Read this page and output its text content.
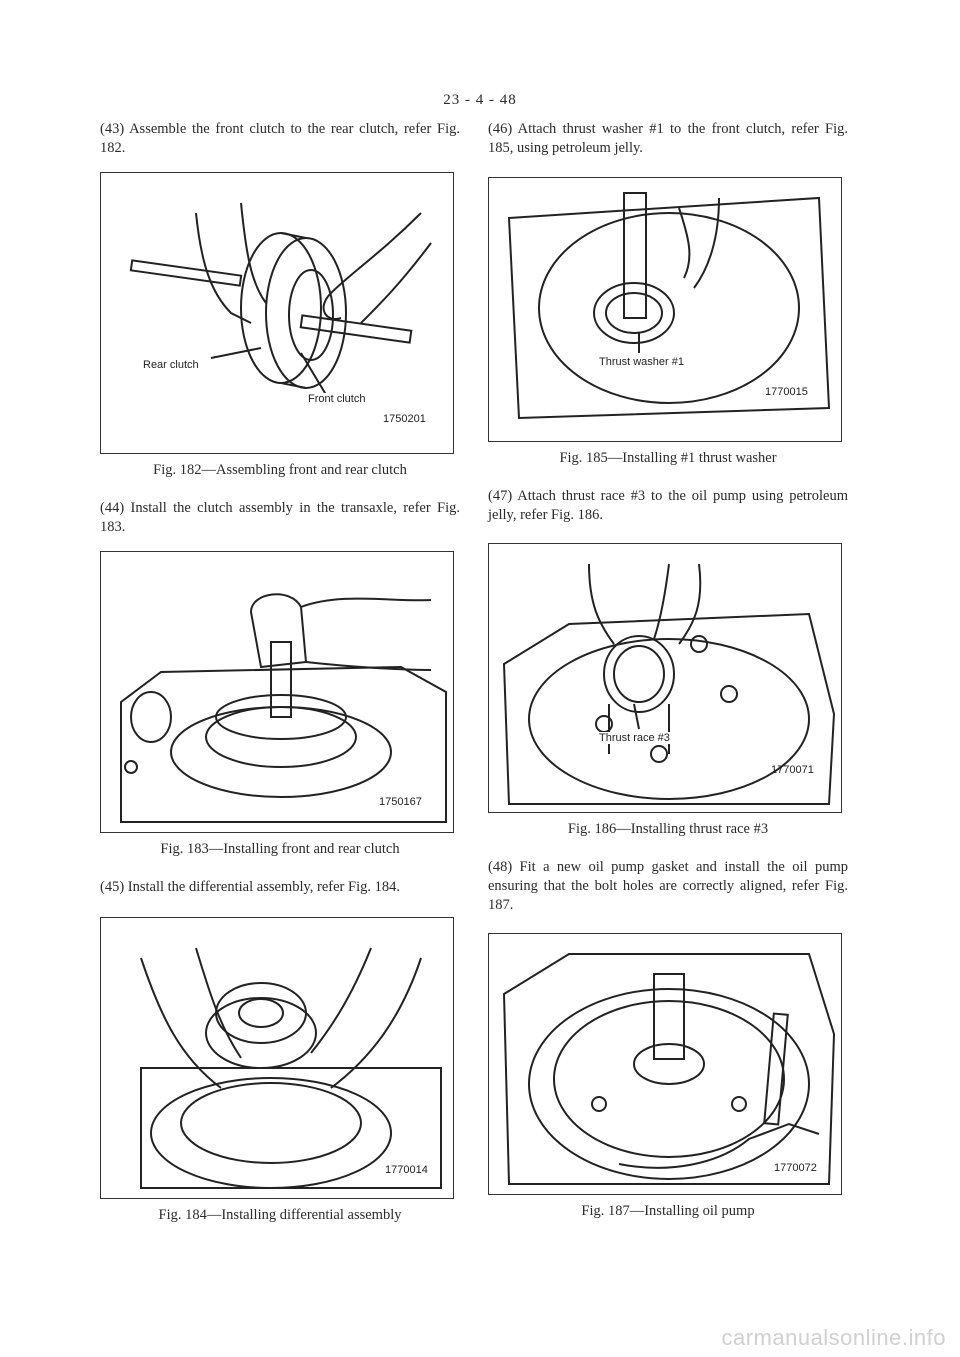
23 - 4 - 48

(43) Assemble the front clutch to the rear clutch, refer Fig. 182.

Rear clutch
Front clutch
1750201

Fig. 182—Assembling front and rear clutch

(44) Install the clutch assembly in the transaxle, refer Fig. 183.

1750167

Fig. 183—Installing front and rear clutch

(45) Install the differential assembly, refer Fig. 184.

1770014

Fig. 184—Installing differential assembly

(46) Attach thrust washer #1 to the front clutch, refer Fig. 185, using petroleum jelly.

Thrust washer #1
1770015

Fig. 185—Installing #1 thrust washer

(47) Attach thrust race #3 to the oil pump using petroleum jelly, refer Fig. 186.

Thrust race #3
1770071

Fig. 186—Installing thrust race #3

(48) Fit a new oil pump gasket and install the oil pump ensuring that the bolt holes are correctly aligned, refer Fig. 187.

1770072

Fig. 187—Installing oil pump

carmanualsonline.info
